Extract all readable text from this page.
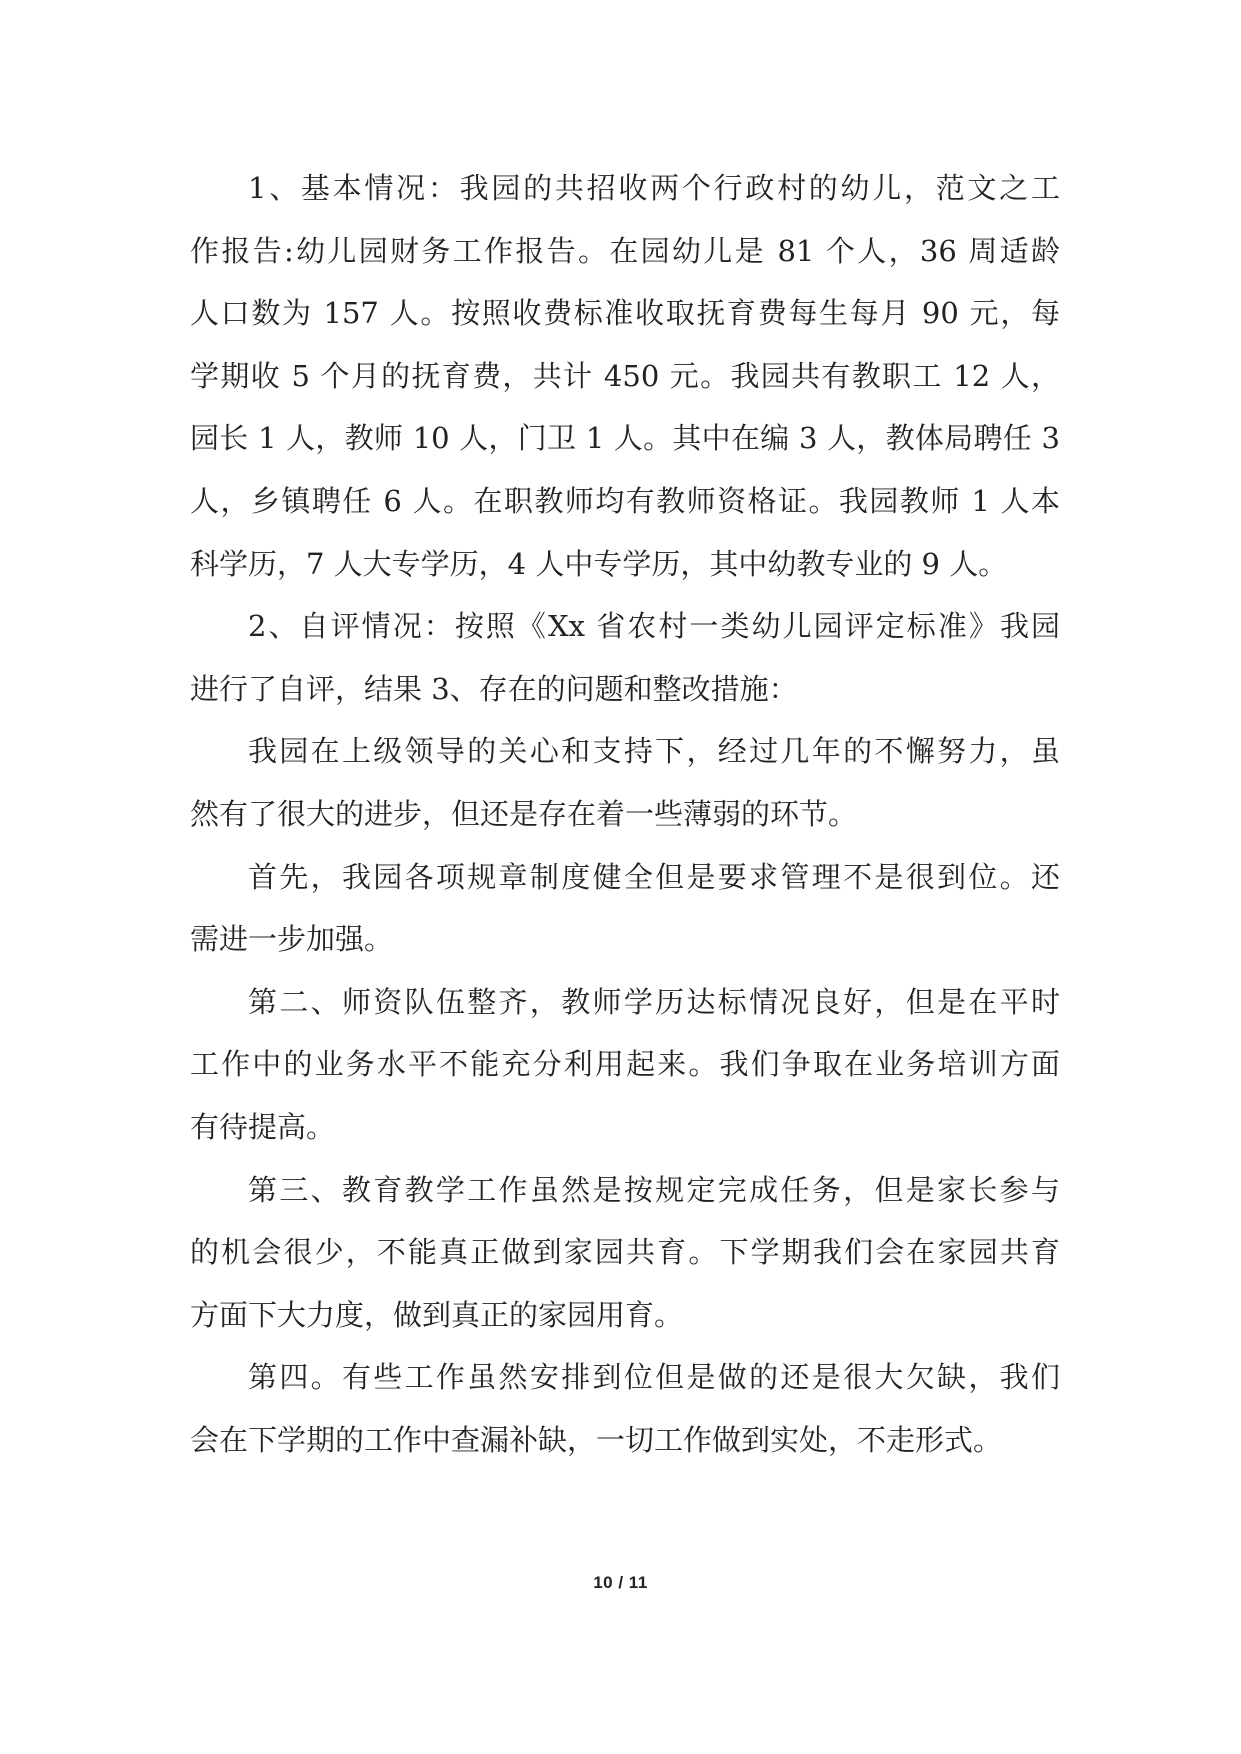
1、基本情况：我园的共招收两个行政村的幼儿，范文之工
作报告:幼儿园财务工作报告。在园幼儿是 81 个人，36 周适龄
人口数为 157 人。按照收费标准收取抚育费每生每月 90 元，每
学期收 5 个月的抚育费，共计 450 元。我园共有教职工 12 人，
园长 1 人，教师 10 人，门卫 1 人。其中在编 3 人，教体局聘任 3
人，乡镇聘任 6 人。在职教师均有教师资格证。我园教师 1 人本
科学历，7 人大专学历，4 人中专学历，其中幼教专业的 9 人。
2、自评情况：按照《Xx 省农村一类幼儿园评定标准》我园
进行了自评，结果 3、存在的问题和整改措施：
我园在上级领导的关心和支持下，经过几年的不懈努力，虽
然有了很大的进步，但还是存在着一些薄弱的环节。
首先，我园各项规章制度健全但是要求管理不是很到位。还
需进一步加强。
第二、师资队伍整齐，教师学历达标情况良好，但是在平时
工作中的业务水平不能充分利用起来。我们争取在业务培训方面
有待提高。
第三、教育教学工作虽然是按规定完成任务，但是家长参与
的机会很少，不能真正做到家园共育。下学期我们会在家园共育
方面下大力度，做到真正的家园用育。
第四。有些工作虽然安排到位但是做的还是很大欠缺，我们
会在下学期的工作中查漏补缺，一切工作做到实处，不走形式。
10 / 11
